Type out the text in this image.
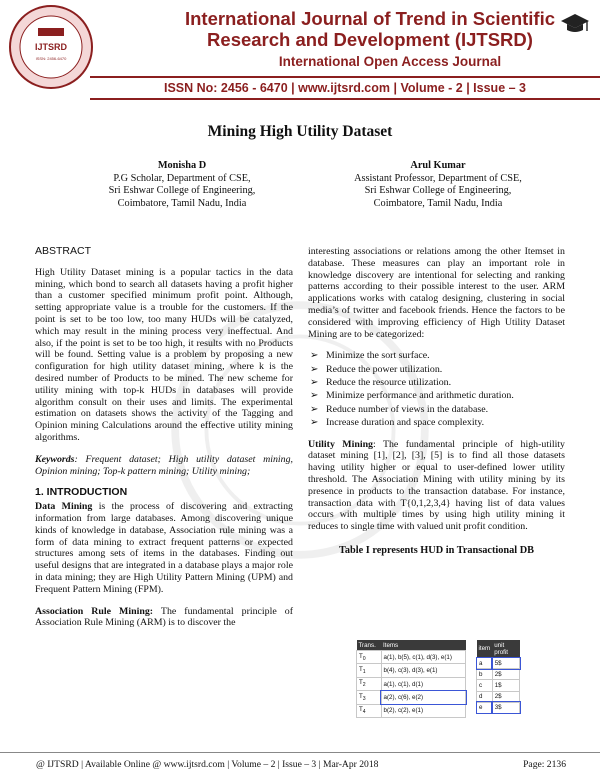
IJTSRD
ISSN: 2456-6470
International Journal of Trend in Scientific Research and Development (IJTSRD)
International Open Access Journal
ISSN No: 2456 - 6470 | www.ijtsrd.com | Volume - 2 | Issue – 3
Mining High Utility Dataset
Monisha D
P.G Scholar, Department of CSE,
Sri Eshwar College of Engineering,
Coimbatore, Tamil Nadu, India
Arul Kumar
Assistant Professor, Department of CSE,
Sri Eshwar College of Engineering,
Coimbatore, Tamil Nadu, India
ABSTRACT
High Utility Dataset mining is a popular tactics in the data mining, which bond to search all datasets having a profit higher than a customer specified minimum profit point. Although, setting appropriate value is a trouble for the customers. If the point is set to be too low, too many HUDs will be catalyzed, which may result in the mining process very ineffectual. And also, if the point is set to be too high, it results with no Products will be found. Setting value is a problem by proposing a new configuration for high utility dataset mining, where k is the desired number of Products to be mined. The new scheme for utility mining with top-k HUDs in databases will provide algorithm consult on their uses and limits. The experimental estimation on datasets shows the activity of the Tagging and Opinion mining Calculations around the effective utility mining algorithms.
Keywords: Frequent dataset; High utility dataset mining, Opinion mining; Top-k pattern mining; Utility mining;
1. INTRODUCTION
Data Mining is the process of discovering and extracting information from large databases. Among discovering unique kinds of knowledge in database, Association rule mining was a form of data mining to extract frequent patterns or expected structures among sets of items in the databases. Finding out useful designs that are integrated in a database plays a major role in data mining; they are High Utility Pattern Mining (UPM) and Frequent Pattern Mining (FPM).
Association Rule Mining: The fundamental principle of Association Rule Mining (ARM) is to discover the
interesting associations or relations among the other Itemset in database. These measures can play an important role in knowledge discovery are intentional for selecting and ranking patterns according to their possible interest to the user. ARM applications works with catalog designing, clustering in social media’s of twitter and facebook friends. Hence the factors to be considered with improving efficiency of High Utility Dataset Mining are to be categorized:
➢ Minimize the sort surface.
➢ Reduce the power utilization.
➢ Reduce the resource utilization.
➢ Minimize performance and arithmetic duration.
➢ Reduce number of views in the database.
➢ Increase duration and space complexity.
Utility Mining: The fundamental principle of high-utility dataset mining [1], [2], [3], [5] is to find all those datasets having utility higher or equal to user-defined lower utility threshold. The Association Mining with utility mining by its presence in products to the transaction database. For instance, transaction data with T{0,1,2,3,4} having list of data values occurs with multiple times by using high utility mining it reduces to single time with valued unit profit condition.
Table I represents HUD in Transactional DB
Trans.	Items
$T_0$	a(1), b(5), c(1), d(3), e(1)
$T_1$	b(4), c(3), d(3), e(1)
$T_2$	a(1), c(1), d(1)
$T_3$	a(2), c(6), e(2)
$T_4$	b(2), c(2), e(1)
item	unit profit
a	5$
b	2$
c	1$
d	2$
e	3$
@ IJTSRD | Available Online @ www.ijtsrd.com | Volume – 2 | Issue – 3 | Mar-Apr 2018	Page: 2136
